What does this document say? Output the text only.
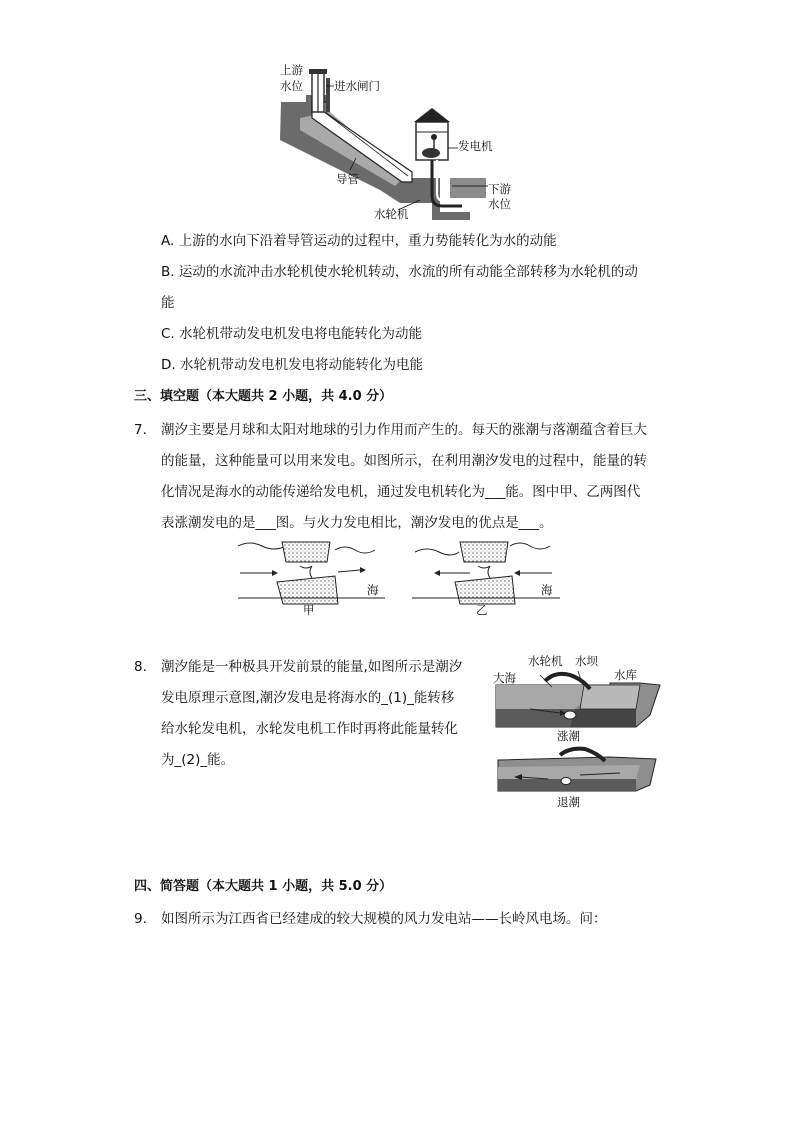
上游
水位	进水闸门
发电机
导管
下游
水位
水轮机
A. 上游的水向下沿着导管运动的过程中，重力势能转化为水的动能
B. 运动的水流冲击水轮机使水轮机转动，水流的所有动能全部转移为水轮机的动
能
C. 水轮机带动发电机发电将电能转化为动能
D. 水轮机带动发电机发电将动能转化为电能
三、填空题（本大题共 2 小题，共 4.0 分）
7. 潮汐主要是月球和太阳对地球的引力作用而产生的。每天的涨潮与落潮蕴含着巨大
的能量，这种能量可以用来发电。如图所示，在利用潮汐发电的过程中，能量的转
化情况是海水的动能传递给发电机，通过发电机转化为___能。图中甲、乙两图代
表涨潮发电的是___图。与火力发电相比，潮汐发电的优点是___。
海
甲
海
乙
8. 潮汐能是一种极具开发前景的能量,如图所示是潮汐
发电原理示意图,潮汐发电是将海水的_(1)_能转移
给水轮发电机，水轮发电机工作时再将此能量转化
为_(2)_能。
水轮机 水坝
大海	水库
涨潮
退潮
四、简答题（本大题共 1 小题，共 5.0 分）
9. 如图所示为江西省已经建成的较大规模的风力发电站——长岭风电场。问：
